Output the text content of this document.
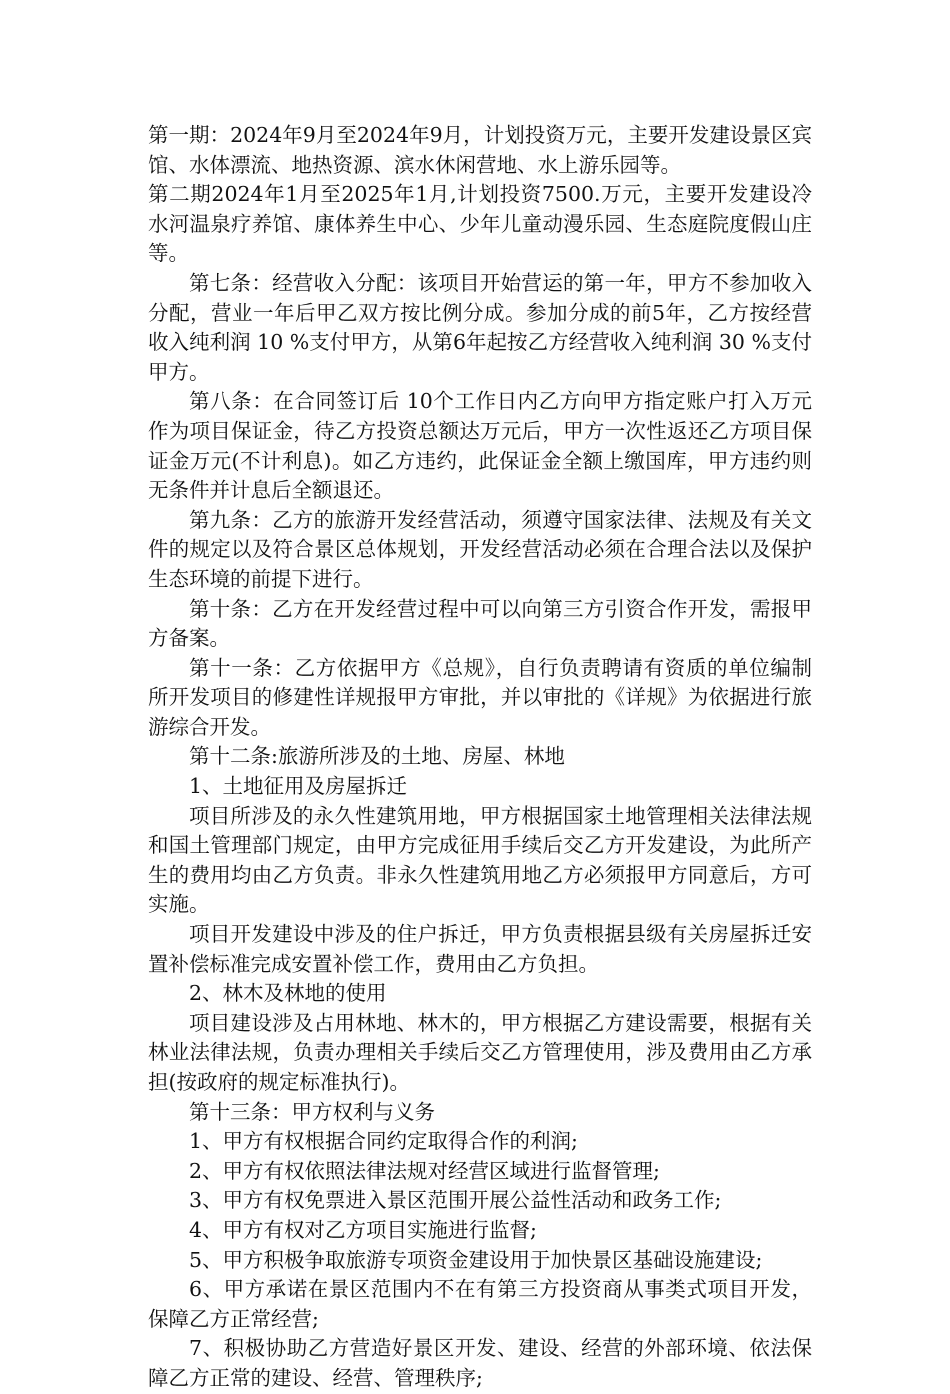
第一期：2024年9月至2024年9月，计划投资万元，主要开发建设景区宾馆、水体漂流、地热资源、滨水休闲营地、水上游乐园等。

第二期2024年1月至2025年1月,计划投资7500.万元，主要开发建设冷水河温泉疗养馆、康体养生中心、少年儿童动漫乐园、生态庭院度假山庄等。

第七条：经营收入分配：该项目开始营运的第一年，甲方不参加收入分配，营业一年后甲乙双方按比例分成。参加分成的前5年，乙方按经营收入纯利润 10 %支付甲方，从第6年起按乙方经营收入纯利润 30 %支付甲方。

第八条：在合同签订后 10个工作日内乙方向甲方指定账户打入万元作为项目保证金，待乙方投资总额达万元后，甲方一次性返还乙方项目保证金万元(不计利息)。如乙方违约，此保证金全额上缴国库，甲方违约则无条件并计息后全额退还。

第九条：乙方的旅游开发经营活动，须遵守国家法律、法规及有关文件的规定以及符合景区总体规划，开发经营活动必须在合理合法以及保护生态环境的前提下进行。

第十条：乙方在开发经营过程中可以向第三方引资合作开发，需报甲方备案。

第十一条：乙方依据甲方《总规》，自行负责聘请有资质的单位编制所开发项目的修建性详规报甲方审批，并以审批的《详规》为依据进行旅游综合开发。

第十二条:旅游所涉及的土地、房屋、林地

1、土地征用及房屋拆迁

项目所涉及的永久性建筑用地，甲方根据国家土地管理相关法律法规和国土管理部门规定，由甲方完成征用手续后交乙方开发建设，为此所产生的费用均由乙方负责。非永久性建筑用地乙方必须报甲方同意后，方可实施。

项目开发建设中涉及的住户拆迁，甲方负责根据县级有关房屋拆迁安置补偿标准完成安置补偿工作，费用由乙方负担。

2、林木及林地的使用

项目建设涉及占用林地、林木的，甲方根据乙方建设需要，根据有关林业法律法规，负责办理相关手续后交乙方管理使用，涉及费用由乙方承担(按政府的规定标准执行)。

第十三条：甲方权利与义务

1、甲方有权根据合同约定取得合作的利润;

2、甲方有权依照法律法规对经营区域进行监督管理;

3、甲方有权免票进入景区范围开展公益性活动和政务工作;

4、甲方有权对乙方项目实施进行监督;

5、甲方积极争取旅游专项资金建设用于加快景区基础设施建设;

6、甲方承诺在景区范围内不在有第三方投资商从事类式项目开发，保障乙方正常经营;

7、积极协助乙方营造好景区开发、建设、经营的外部环境、依法保障乙方正常的建设、经营、管理秩序;
